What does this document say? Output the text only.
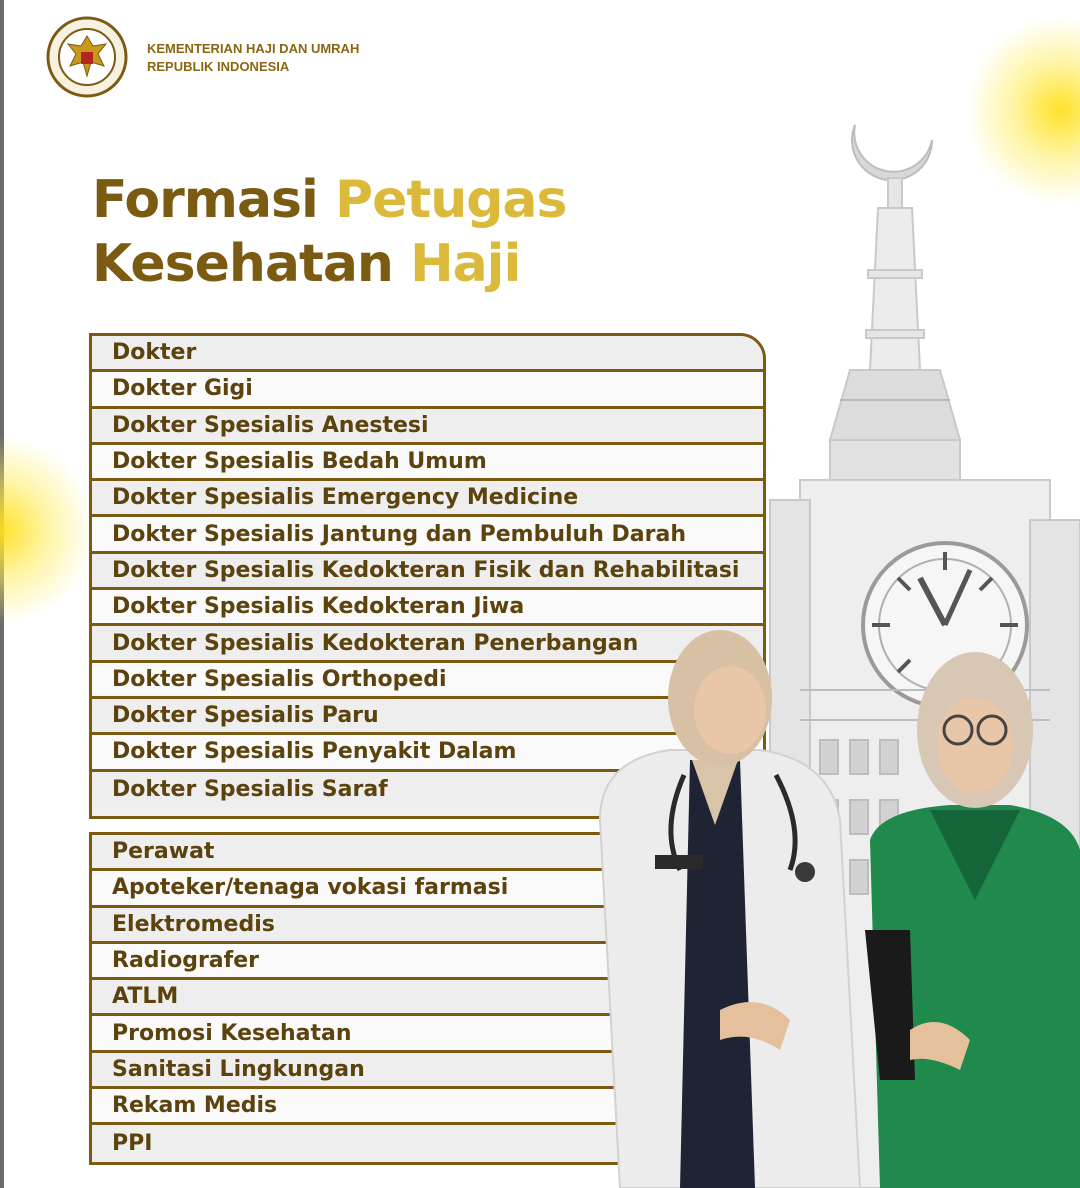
KEMENTERIAN HAJI DAN UMRAH
REPUBLIK INDONESIA
Formasi Petugas
Kesehatan Haji
Dokter
Dokter Gigi
Dokter Spesialis Anestesi
Dokter Spesialis Bedah Umum
Dokter Spesialis Emergency Medicine
Dokter Spesialis Jantung dan Pembuluh Darah
Dokter Spesialis Kedokteran Fisik dan Rehabilitasi
Dokter Spesialis Kedokteran Jiwa
Dokter Spesialis Kedokteran Penerbangan
Dokter Spesialis Orthopedi
Dokter Spesialis Paru
Dokter Spesialis Penyakit Dalam
Dokter Spesialis Saraf
Perawat
Apoteker/tenaga vokasi farmasi
Elektromedis
Radiografer
ATLM
Promosi Kesehatan
Sanitasi Lingkungan
Rekam Medis
PPI
